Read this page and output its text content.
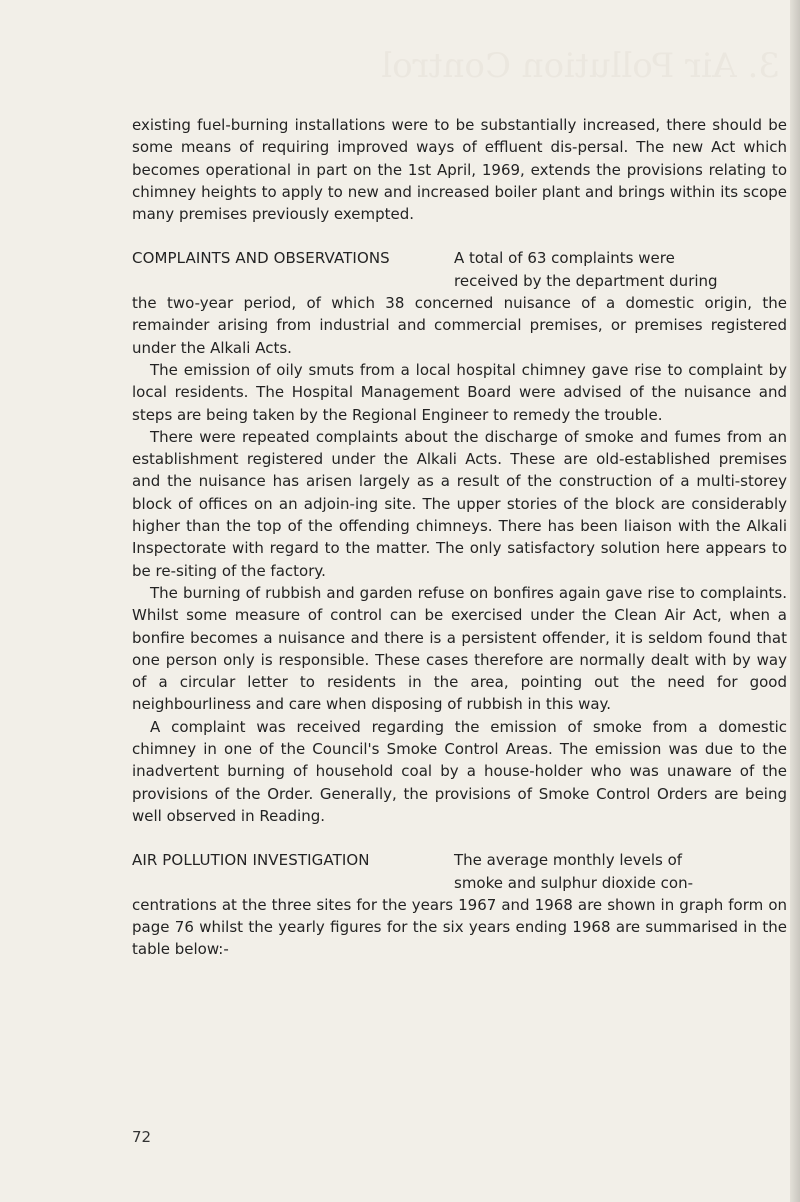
3. Air Pollution Control

existing fuel-burning installations were to be substantially increased, there should be some means of requiring improved ways of effluent dis-persal. The new Act which becomes operational in part on the 1st April, 1969, extends the provisions relating to chimney heights to apply to new and increased boiler plant and brings within its scope many premises previously exempted.

COMPLAINTS AND OBSERVATIONS	A total of 63 complaints were
received by the department during

the two-year period, of which 38 concerned nuisance of a domestic origin, the remainder arising from industrial and commercial premises, or premises registered under the Alkali Acts.

The emission of oily smuts from a local hospital chimney gave rise to complaint by local residents. The Hospital Management Board were advised of the nuisance and steps are being taken by the Regional Engineer to remedy the trouble.

There were repeated complaints about the discharge of smoke and fumes from an establishment registered under the Alkali Acts. These are old-established premises and the nuisance has arisen largely as a result of the construction of a multi-storey block of offices on an adjoin-ing site. The upper stories of the block are considerably higher than the top of the offending chimneys. There has been liaison with the Alkali Inspectorate with regard to the matter. The only satisfactory solution here appears to be re-siting of the factory.

The burning of rubbish and garden refuse on bonfires again gave rise to complaints. Whilst some measure of control can be exercised under the Clean Air Act, when a bonfire becomes a nuisance and there is a persistent offender, it is seldom found that one person only is responsible. These cases therefore are normally dealt with by way of a circular letter to residents in the area, pointing out the need for good neighbourliness and care when disposing of rubbish in this way.

A complaint was received regarding the emission of smoke from a domestic chimney in one of the Council's Smoke Control Areas. The emission was due to the inadvertent burning of household coal by a house-holder who was unaware of the provisions of the Order. Generally, the provisions of Smoke Control Orders are being well observed in Reading.

AIR POLLUTION INVESTIGATION	The average monthly levels of
smoke and sulphur dioxide con-

centrations at the three sites for the years 1967 and 1968 are shown in graph form on page 76 whilst the yearly figures for the six years ending 1968 are summarised in the table below:-

72
